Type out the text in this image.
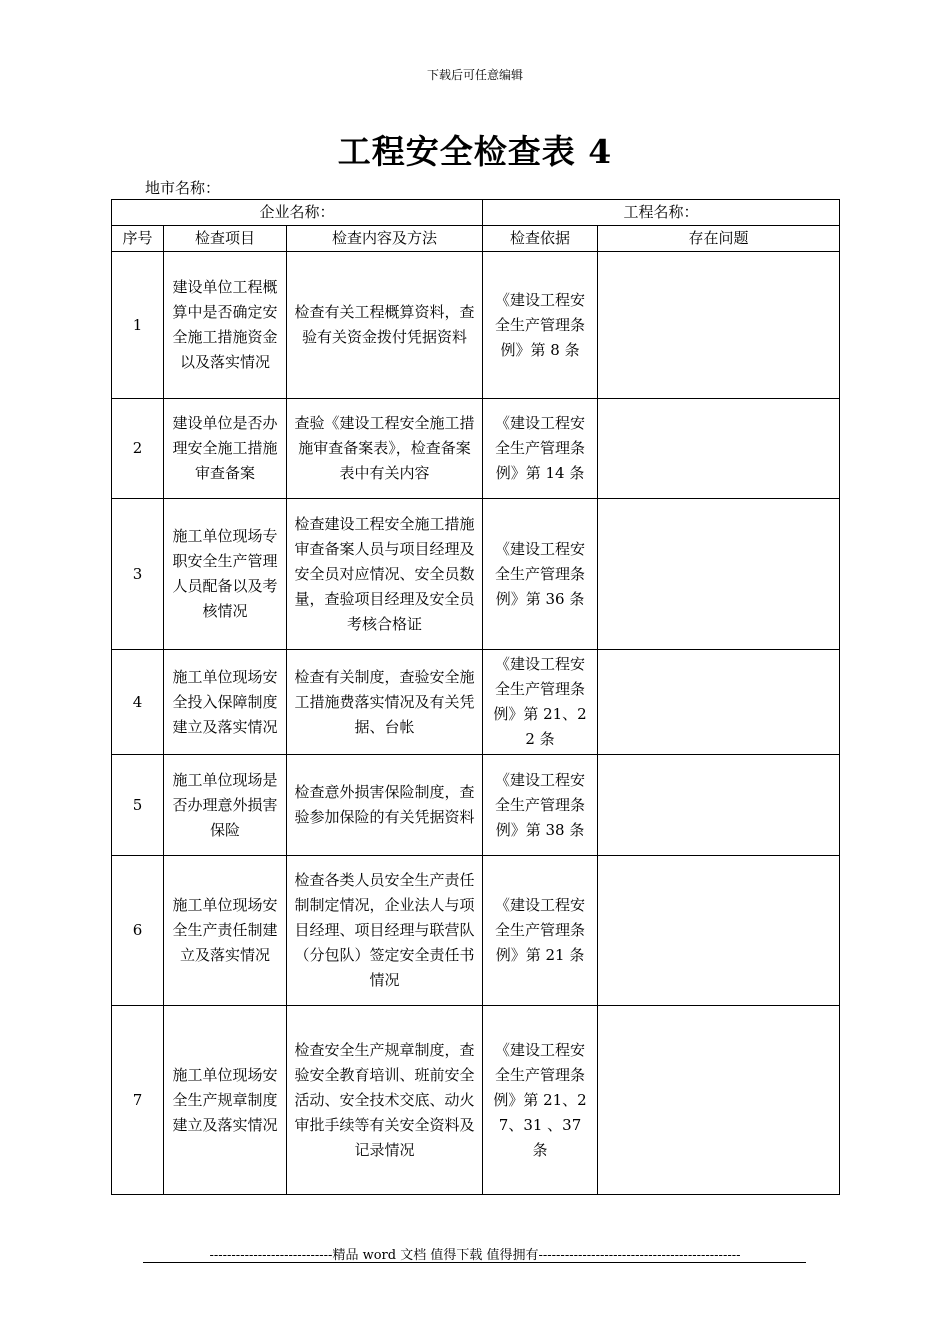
下载后可任意编辑
工程安全检查表 4
地市名称：
企业名称：			工程名称：	
序号	检查项目	检查内容及方法	检查依据	存在问题
1	建设单位工程概算中是否确定安全施工措施资金以及落实情况	检查有关工程概算资料，查验有关资金拨付凭据资料	《建设工程安全生产管理条例》第 8 条	
2	建设单位是否办理安全施工措施审查备案	查验《建设工程安全施工措施审查备案表》，检查备案表中有关内容	《建设工程安全生产管理条例》第 14 条	
3	施工单位现场专职安全生产管理人员配备以及考核情况	检查建设工程安全施工措施审查备案人员与项目经理及安全员对应情况、安全员数量，查验项目经理及安全员考核合格证	《建设工程安全生产管理条例》第 36 条	
4	施工单位现场安全投入保障制度建立及落实情况	检查有关制度，查验安全施工措施费落实情况及有关凭据、台帐	《建设工程安全生产管理条例》第 21、22 条	
5	施工单位现场是否办理意外损害保险	检查意外损害保险制度，查验参加保险的有关凭据资料	《建设工程安全生产管理条例》第 38 条	
6	施工单位现场安全生产责任制建立及落实情况	检查各类人员安全生产责任制制定情况，企业法人与项目经理、项目经理与联营队（分包队）签定安全责任书情况	《建设工程安全生产管理条例》第 21 条	
7	施工单位现场安全生产规章制度建立及落实情况	检查安全生产规章制度，查验安全教育培训、班前安全活动、安全技术交底、动火审批手续等有关安全资料及记录情况	《建设工程安全生产管理条例》第 21、27、31 、37 条	
----------------------------精品 word 文档 值得下载 值得拥有----------------------------------------------
